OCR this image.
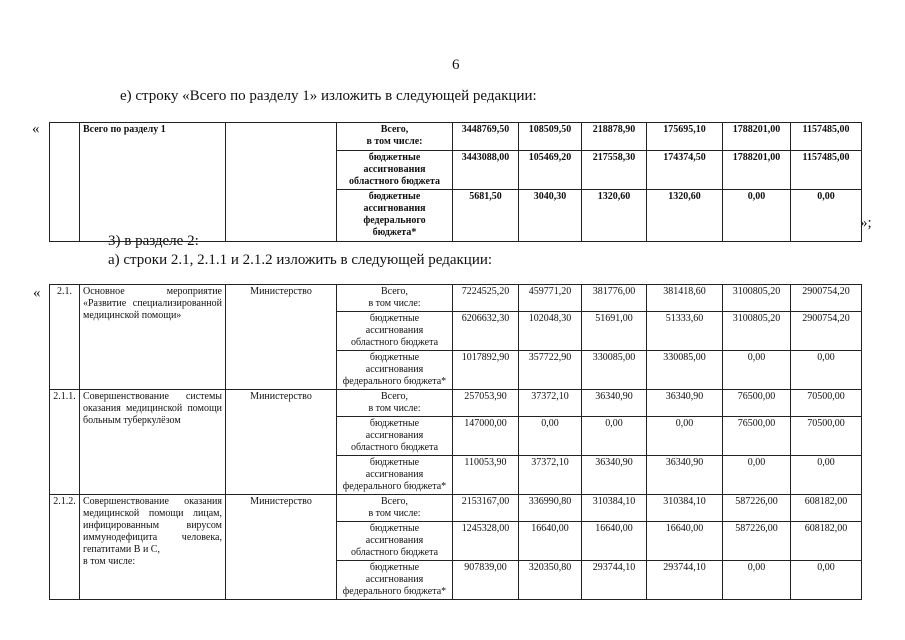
6
е) строку «Всего по разделу 1» изложить в следующей редакции:
«
»;
3) в разделе 2:
а) строки 2.1, 2.1.1 и 2.1.2 изложить в следующей редакции:
«
	Всего по разделу 1		Всего,
в том числе:	3448769,50	108509,50	218878,90	175695,10	1788201,00	1157485,00
			бюджетные
ассигнования
областного бюджета	3443088,00	105469,20	217558,30	174374,50	1788201,00	1157485,00
			бюджетные
ассигнования
федерального
бюджета*	5681,50	3040,30	1320,60	1320,60	0,00	0,00
2.1.	Основное мероприятие «Развитие специализированной медицинской помощи»	Министерство	Всего,
в том числе:	7224525,20	459771,20	381776,00	381418,60	3100805,20	2900754,20
			бюджетные
ассигнования
областного бюджета	6206632,30	102048,30	51691,00	51333,60	3100805,20	2900754,20
			бюджетные
ассигнования
федерального бюджета*	1017892,90	357722,90	330085,00	330085,00	0,00	0,00
2.1.1.	Совершенствование системы оказания медицинской помощи больным туберкулёзом	Министерство	Всего,
в том числе:	257053,90	37372,10	36340,90	36340,90	76500,00	70500,00
			бюджетные
ассигнования
областного бюджета	147000,00	0,00	0,00	0,00	76500,00	70500,00
			бюджетные
ассигнования
федерального бюджета*	110053,90	37372,10	36340,90	36340,90	0,00	0,00
2.1.2.	Совершенствование оказания медицинской помощи лицам, инфицированным вирусом иммунодефицита человека, гепатитами В и С,
в том числе:	Министерство	Всего,
в том числе:	2153167,00	336990,80	310384,10	310384,10	587226,00	608182,00
			бюджетные
ассигнования
областного бюджета	1245328,00	16640,00	16640,00	16640,00	587226,00	608182,00
			бюджетные
ассигнования
федерального бюджета*	907839,00	320350,80	293744,10	293744,10	0,00	0,00
